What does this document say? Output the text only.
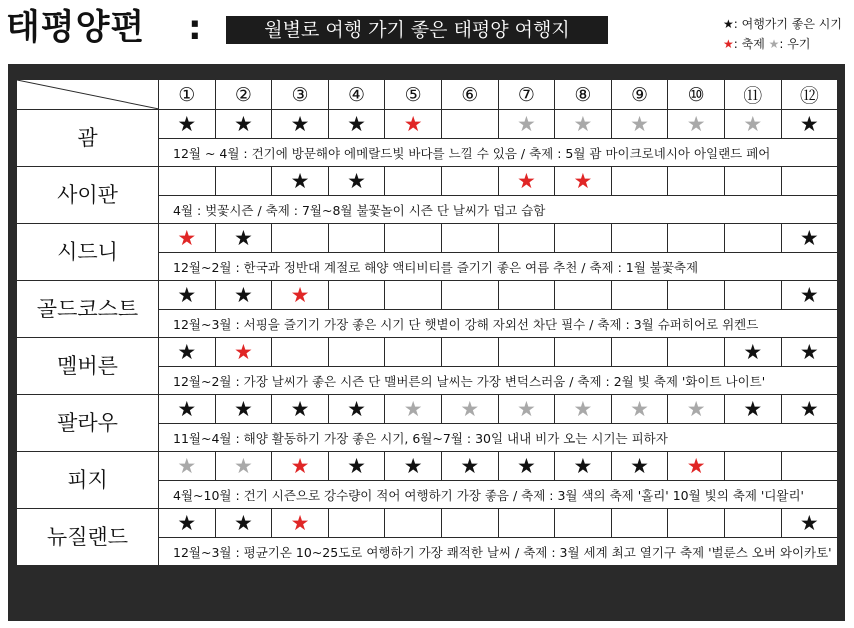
태평양편 :	월별로 여행 가기 좋은 태평양 여행지	★: 여행가기 좋은 시기
★: 축제 ★: 우기
	①	②	③	④	⑤	⑥	⑦	⑧	⑨	⑩	⑪	⑫
괌	★	★	★	★	★		★	★	★	★	★	★
	12월 ~ 4월 : 건기에 방문해야 에메랄드빛 바다를 느낄 수 있음 / 축제 : 5월 괌 마이크로네시아 아일랜드 페어											
사이판			★	★			★	★				
	4월 : 벚꽃시즌 / 축제 : 7월~8월 불꽃놀이 시즌 단 날씨가 덥고 습함											
시드니	★	★										★
	12월~2월 : 한국과 정반대 계절로 해양 액티비티를 즐기기 좋은 여름 추천 / 축제 : 1월 불꽃축제											
골드코스트	★	★	★									★
	12월~3월 : 서핑을 즐기기 가장 좋은 시기 단 햇볕이 강해 자외선 차단 필수 / 축제 : 3월 슈퍼히어로 위켄드											
멜버른	★	★									★	★
	12월~2월 : 가장 날씨가 좋은 시즌 단 맬버른의 날씨는 가장 변덕스러움 / 축제 : 2월 빛 축제 '화이트 나이트'											
팔라우	★	★	★	★	★	★	★	★	★	★	★	★
	11월~4월 : 해양 활동하기 가장 좋은 시기, 6월~7월 : 30일 내내 비가 오는 시기는 피하자											
피지	★	★	★	★	★	★	★	★	★	★		
	4월~10월 : 건기 시즌으로 강수량이 적어 여행하기 가장 좋음 / 축제 : 3월 색의 축제 '홀리' 10월 빛의 축제 '디왈리'											
뉴질랜드	★	★	★									★
	12월~3월 : 평균기온 10~25도로 여행하기 가장 쾌적한 날씨 / 축제 : 3월 세계 최고 열기구 축제 '벌룬스 오버 와이카토'											
